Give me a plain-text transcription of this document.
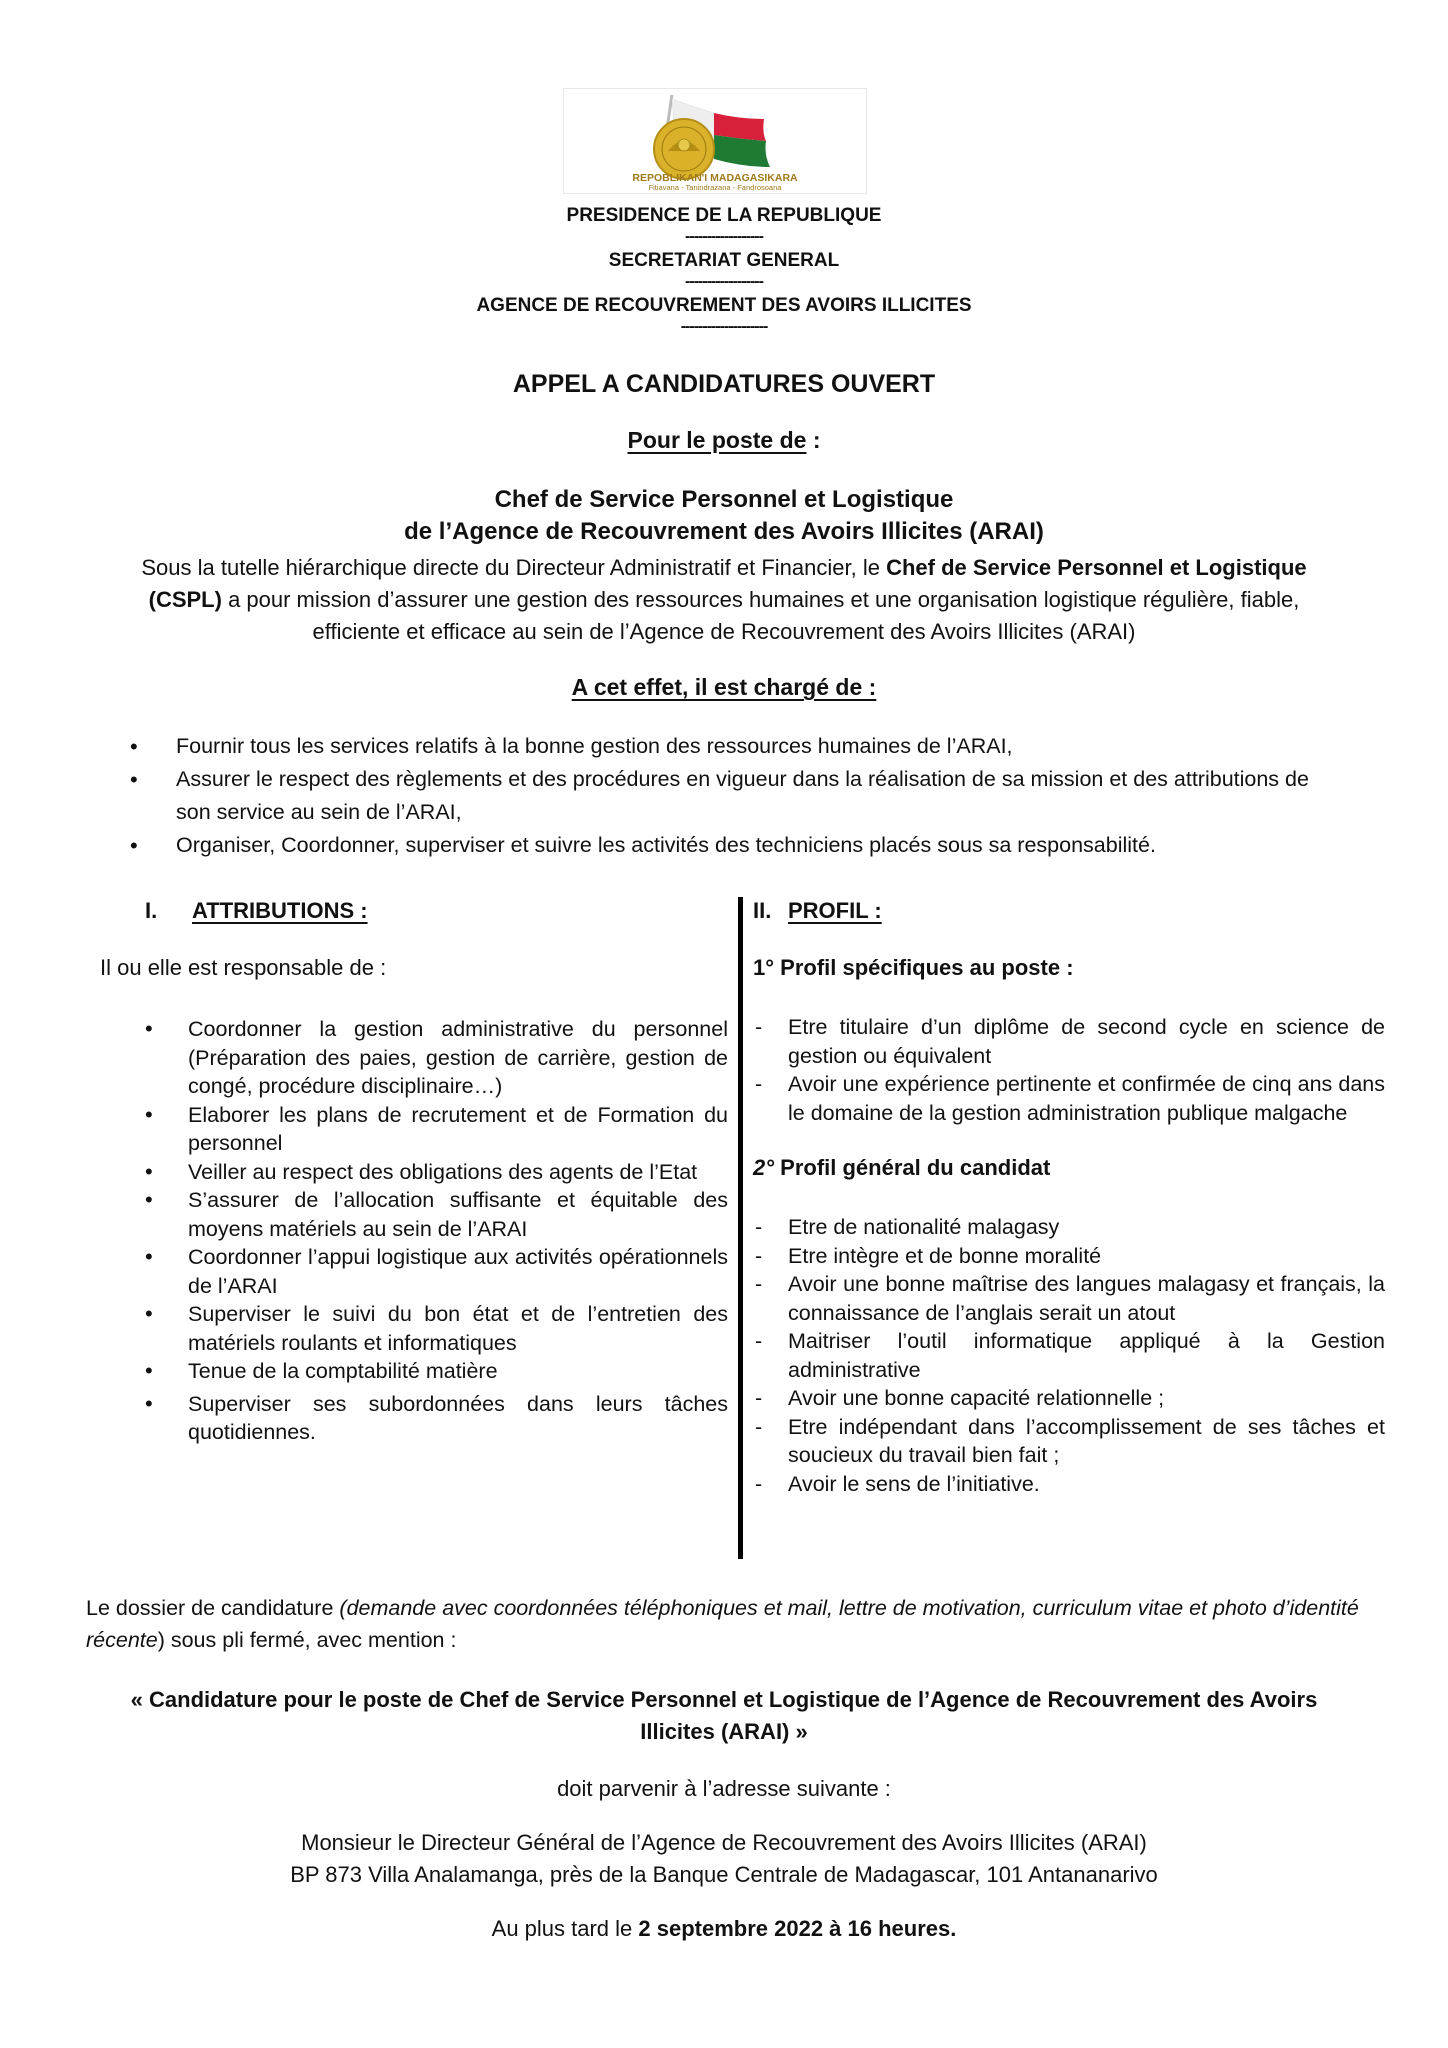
REPOBLIKAN'I MADAGASIKARA
Fitiavana - Tanindrazana - Fandrosoana
PRESIDENCE DE LA REPUBLIQUE
------------------
SECRETARIAT GENERAL
------------------
AGENCE DE RECOUVREMENT DES AVOIRS ILLICITES
--------------------
APPEL A CANDIDATURES OUVERT
Pour le poste de :
Chef de Service Personnel et Logistique
de l’Agence de Recouvrement des Avoirs Illicites (ARAI)
Sous la tutelle hiérarchique directe du Directeur Administratif et Financier, le Chef de Service Personnel et Logistique (CSPL) a pour mission d’assurer une gestion des ressources humaines et une organisation logistique régulière, fiable, efficiente et efficace au sein de l’Agence de Recouvrement des Avoirs Illicites (ARAI)
A cet effet, il est chargé de :
• Fournir tous les services relatifs à la bonne gestion des ressources humaines de l’ARAI,
• Assurer le respect des règlements et des procédures en vigueur dans la réalisation de sa mission et des attributions de son service au sein de l’ARAI,
• Organiser, Coordonner, superviser et suivre les activités des techniciens placés sous sa responsabilité.
I. ATTRIBUTIONS :
Il ou elle est responsable de :
• Coordonner la gestion administrative du personnel (Préparation des paies, gestion de carrière, gestion de congé, procédure disciplinaire…)
• Elaborer les plans de recrutement et de Formation du personnel
• Veiller au respect des obligations des agents de l’Etat
• S’assurer de l’allocation suffisante et équitable des moyens matériels au sein de l’ARAI
• Coordonner l’appui logistique aux activités opérationnels de l’ARAI
• Superviser le suivi du bon état et de l’entretien des matériels roulants et informatiques
• Tenue de la comptabilité matière
• Superviser ses subordonnées dans leurs tâches quotidiennes.
II. PROFIL :
1° Profil spécifiques au poste :
- Etre titulaire d’un diplôme de second cycle en science de gestion ou équivalent
- Avoir une expérience pertinente et confirmée de cinq ans dans le domaine de la gestion administration publique malgache
2° Profil général du candidat
- Etre de nationalité malagasy
- Etre intègre et de bonne moralité
- Avoir une bonne maîtrise des langues malagasy et français, la connaissance de l’anglais serait un atout
- Maitriser l’outil informatique appliqué à la Gestion administrative
- Avoir une bonne capacité relationnelle ;
- Etre indépendant dans l’accomplissement de ses tâches et soucieux du travail bien fait ;
- Avoir le sens de l’initiative.
Le dossier de candidature (demande avec coordonnées téléphoniques et mail, lettre de motivation, curriculum vitae et photo d’identité récente) sous pli fermé, avec mention :
« Candidature pour le poste de Chef de Service Personnel et Logistique de l’Agence de Recouvrement des Avoirs Illicites (ARAI) »
doit parvenir à l’adresse suivante :
Monsieur le Directeur Général de l’Agence de Recouvrement des Avoirs Illicites (ARAI)
BP 873 Villa Analamanga, près de la Banque Centrale de Madagascar, 101 Antananarivo
Au plus tard le 2 septembre 2022 à 16 heures.
